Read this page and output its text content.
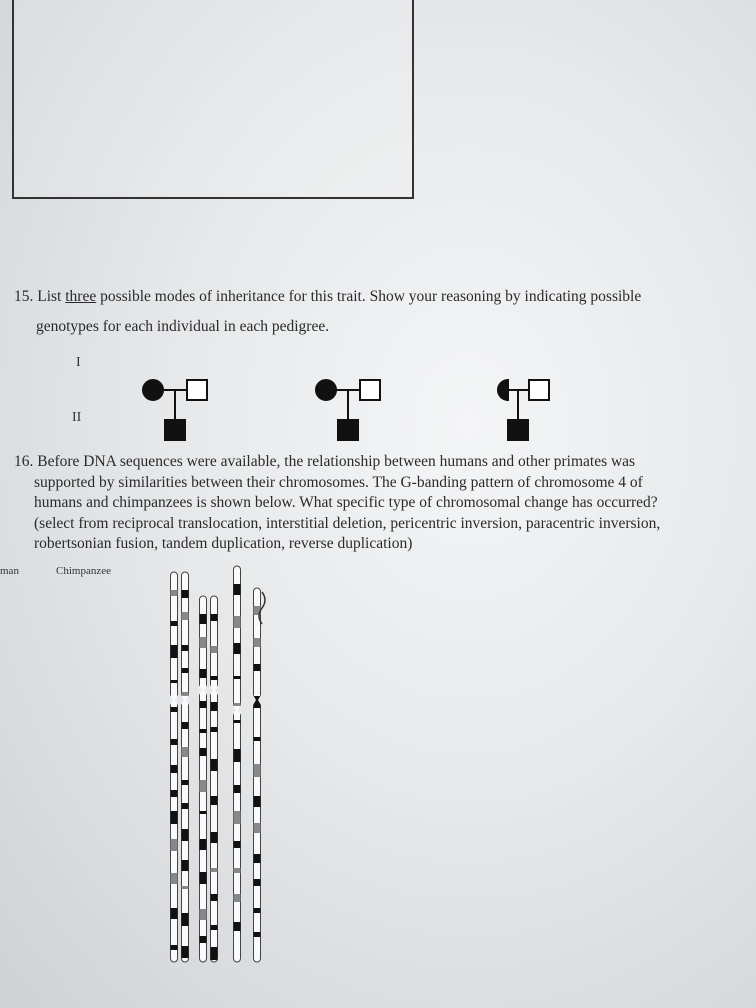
15. List three possible modes of inheritance for this trait. Show your reasoning by indicating possible
genotypes for each individual in each pedigree.
I
II
16. Before DNA sequences were available, the relationship between humans and other primates was
supported by similarities between their chromosomes. The G-banding pattern of chromosome 4 of
humans and chimpanzees is shown below. What specific type of chromosomal change has occurred?
(select from reciprocal translocation, interstitial deletion, pericentric inversion, paracentric inversion,
robertsonian fusion, tandem duplication, reverse duplication)
man	Chimpanzee
